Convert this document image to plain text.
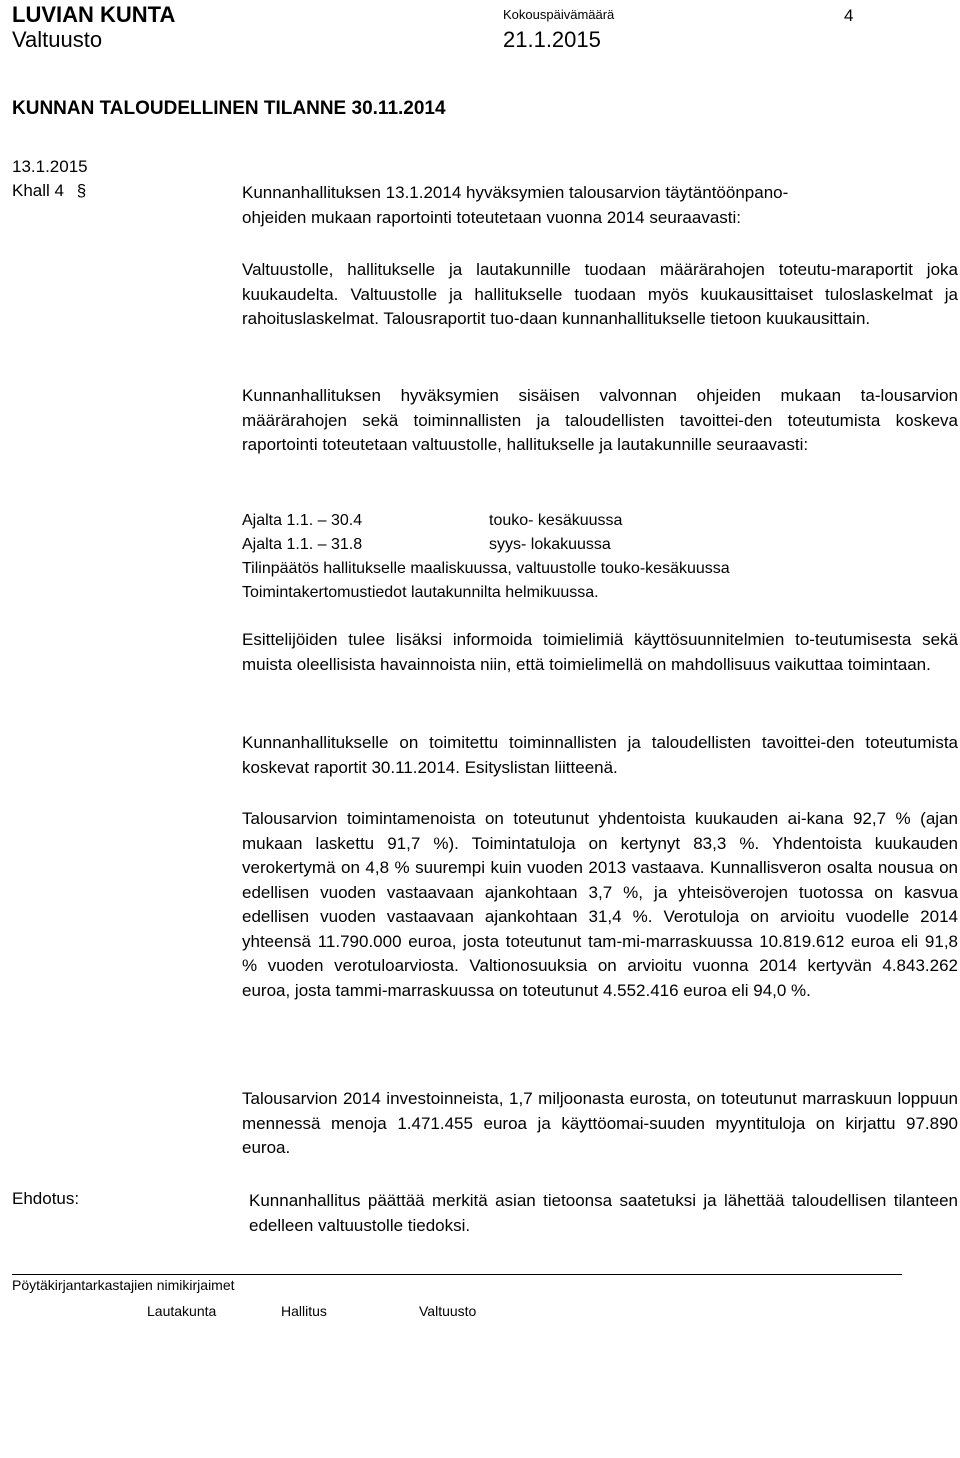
LUVIAN KUNTA
Valtuusto
Kokouspäivämäärä
21.1.2015
4
KUNNAN TALOUDELLINEN TILANNE 30.11.2014
13.1.2015
Khall 4 §	Kunnanhallituksen 13.1.2014 hyväksymien talousarvion täytäntöönpano-

ohjeiden mukaan raportointi toteutetaan vuonna 2014 seuraavasti:

Valtuustolle, hallitukselle ja lautakunnille tuodaan määrärahojen toteutu-maraportit joka kuukaudelta. Valtuustolle ja hallitukselle tuodaan myös kuukausittaiset tuloslaskelmat ja rahoituslaskelmat. Talousraportit tuo-daan kunnanhallitukselle tietoon kuukausittain.

Kunnanhallituksen hyväksymien sisäisen valvonnan ohjeiden mukaan ta-lousarvion määrärahojen sekä toiminnallisten ja taloudellisten tavoittei-den toteutumista koskeva raportointi toteutetaan valtuustolle, hallitukselle ja lautakunnille seuraavasti:

Ajalta 1.1. – 30.4	touko- kesäkuussa
Ajalta 1.1. – 31.8	syys- lokakuussa
Tilinpäätös hallitukselle maaliskuussa, valtuustolle touko-kesäkuussa
Toimintakertomustiedot lautakunnilta helmikuussa.

Esittelijöiden tulee lisäksi informoida toimielimiä käyttösuunnitelmien to-teutumisesta sekä muista oleellisista havainnoista niin, että toimielimellä on mahdollisuus vaikuttaa toimintaan.

Kunnanhallitukselle on toimitettu toiminnallisten ja taloudellisten tavoittei-den toteutumista koskevat raportit 30.11.2014. Esityslistan liitteenä.

Talousarvion toimintamenoista on toteutunut yhdentoista kuukauden ai-kana 92,7 % (ajan mukaan laskettu 91,7 %). Toimintatuloja on kertynyt 83,3 %. Yhdentoista kuukauden verokertymä on 4,8 % suurempi kuin vuoden 2013 vastaava. Kunnallisveron osalta nousua on edellisen vuoden vastaavaan ajankohtaan 3,7 %, ja yhteisöverojen tuotossa on kasvua edellisen vuoden vastaavaan ajankohtaan 31,4 %. Verotuloja on arvioitu vuodelle 2014 yhteensä 11.790.000 euroa, josta toteutunut tam-mi-marraskuussa 10.819.612 euroa eli 91,8 % vuoden verotuloarviosta. Valtionosuuksia on arvioitu vuonna 2014 kertyvän 4.843.262 euroa, josta tammi-marraskuussa on toteutunut 4.552.416 euroa eli 94,0 %.

Talousarvion 2014 investoinneista, 1,7 miljoonasta eurosta, on toteutunut marraskuun loppuun mennessä menoja 1.471.455 euroa ja käyttöomai-suuden myyntituloja on kirjattu 97.890 euroa.

Ehdotus:	Kunnanhallitus päättää merkitä asian tietoonsa saatetuksi ja lähettää taloudellisen tilanteen edelleen valtuustolle tiedoksi.

Pöytäkirjantarkastajien nimikirjaimet
Lautakunta	Hallitus	Valtuusto
